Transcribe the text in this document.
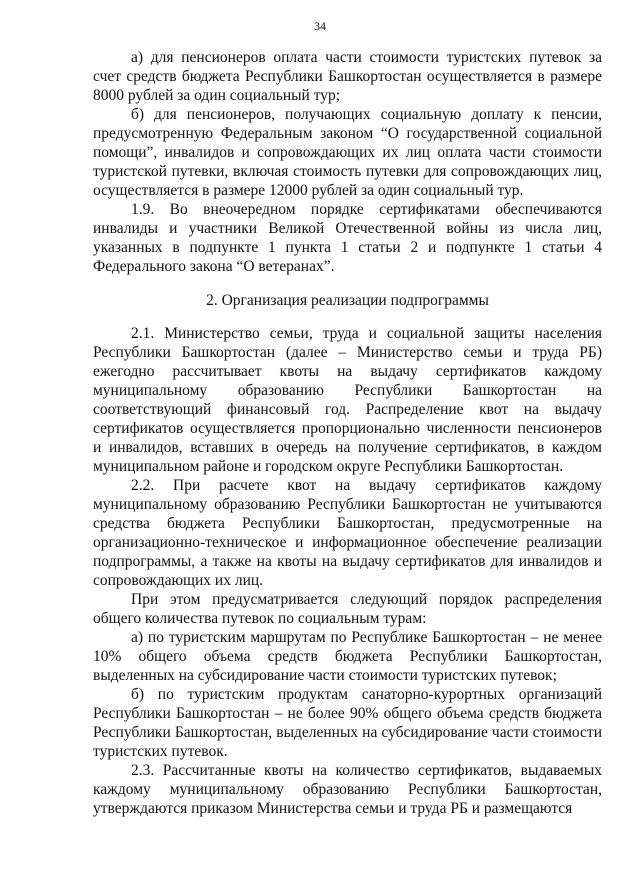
34

а) для пенсионеров оплата части стоимости туристских путевок за счет средств бюджета Республики Башкортостан осуществляется в размере 8000 рублей за один социальный тур;

б) для пенсионеров, получающих социальную доплату к пенсии, предусмотренную Федеральным законом “О государственной социальной помощи”, инвалидов и сопровождающих их лиц оплата части стоимости туристской путевки, включая стоимость путевки для сопровождающих лиц, осуществляется в размере 12000 рублей за один социальный тур.

1.9. Во внеочередном порядке сертификатами обеспечиваются инвалиды и участники Великой Отечественной войны из числа лиц, указанных в подпункте 1 пункта 1 статьи 2 и подпункте 1 статьи 4 Федерального закона “О ветеранах”.

2. Организация реализации подпрограммы

2.1. Министерство семьи, труда и социальной защиты населения Республики Башкортостан (далее – Министерство семьи и труда РБ) ежегодно рассчитывает квоты на выдачу сертификатов каждому муниципальному образованию Республики Башкортостан на соответствующий финансовый год. Распределение квот на выдачу сертификатов осуществляется пропорционально численности пенсионеров и инвалидов, вставших в очередь на получение сертификатов, в каждом муниципальном районе и городском округе Республики Башкортостан.

2.2. При расчете квот на выдачу сертификатов каждому муниципальному образованию Республики Башкортостан не учитываются средства бюджета Республики Башкортостан, предусмотренные на организационно-техническое и информационное обеспечение реализации подпрограммы, а также на квоты на выдачу сертификатов для инвалидов и сопровождающих их лиц.

При этом предусматривается следующий порядок распределения общего количества путевок по социальным турам:

а) по туристским маршрутам по Республике Башкортостан – не менее 10% общего объема средств бюджета Республики Башкортостан, выделенных на субсидирование части стоимости туристских путевок;

б) по туристским продуктам санаторно-курортных организаций Республики Башкортостан – не более 90% общего объема средств бюджета Республики Башкортостан, выделенных на субсидирование части стоимости туристских путевок.

2.3. Рассчитанные квоты на количество сертификатов, выдаваемых каждому муниципальному образованию Республики Башкортостан, утверждаются приказом Министерства семьи и труда РБ и размещаются
